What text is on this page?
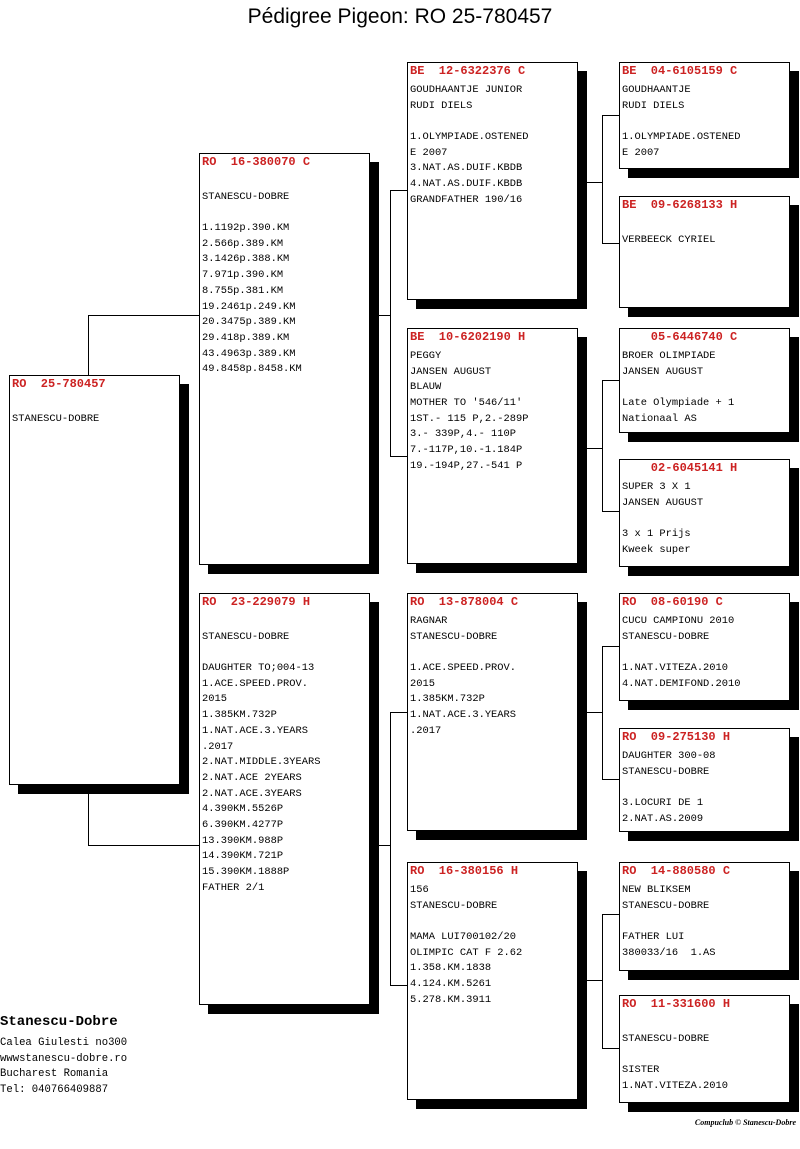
Pédigree Pigeon: RO 25-780457
RO  25-780457
STANESCU-DOBRE
RO  16-380070 C
STANESCU-DOBRE
1.1192p.390.KM
2.566p.389.KM
3.1426p.388.KM
7.971p.390.KM
8.755p.381.KM
19.2461p.249.KM
20.3475p.389.KM
29.418p.389.KM
43.4963p.389.KM
49.8458p.8458.KM
RO  23-229079 H
STANESCU-DOBRE
DAUGHTER TO;004-13
1.ACE.SPEED.PROV.
2015
1.385KM.732P
1.NAT.ACE.3.YEARS
.2017
2.NAT.MIDDLE.3YEARS
2.NAT.ACE 2YEARS
2.NAT.ACE.3YEARS
4.390KM.5526P
6.390KM.4277P
13.390KM.988P
14.390KM.721P
15.390KM.1888P
FATHER 2/1
BE  12-6322376 C
GOUDHAANTJE JUNIOR
RUDI DIELS
1.OLYMPIADE.OSTENED
E 2007
3.NAT.AS.DUIF.KBDB
4.NAT.AS.DUIF.KBDB
GRANDFATHER 190/16
BE  10-6202190 H
PEGGY
JANSEN AUGUST
BLAUW
MOTHER TO '546/11'
1ST.- 115 P,2.-289P
3.- 339P,4.- 110P
7.-117P,10.-1.184P
19.-194P,27.-541 P
RO  13-878004 C
RAGNAR
STANESCU-DOBRE
1.ACE.SPEED.PROV.
2015
1.385KM.732P
1.NAT.ACE.3.YEARS
.2017
RO  16-380156 H
156
STANESCU-DOBRE
MAMA LUI700102/20
OLIMPIC CAT F 2.62
1.358.KM.1838
4.124.KM.5261
5.278.KM.3911
BE  04-6105159 C
GOUDHAANTJE
RUDI DIELS
1.OLYMPIADE.OSTENED
E 2007
BE  09-6268133 H
VERBEECK CYRIEL
05-6446740 C
BROER OLIMPIADE
JANSEN AUGUST
Late Olympiade + 1
Nationaal AS
02-6045141 H
SUPER 3 X 1
JANSEN AUGUST
3 x 1 Prijs
Kweek super
RO  08-60190 C
CUCU CAMPIONU 2010
STANESCU-DOBRE
1.NAT.VITEZA.2010
4.NAT.DEMIFOND.2010
RO  09-275130 H
DAUGHTER 300-08
STANESCU-DOBRE
3.LOCURI DE 1
2.NAT.AS.2009
RO  14-880580 C
NEW BLIKSEM
STANESCU-DOBRE
FATHER LUI
380033/16  1.AS
RO  11-331600 H
STANESCU-DOBRE
SISTER
1.NAT.VITEZA.2010
Stanescu-Dobre
Calea Giulesti no300
wwwstanescu-dobre.ro
Bucharest Romania
Tel: 040766409887
Compuclub © Stanescu-Dobre
